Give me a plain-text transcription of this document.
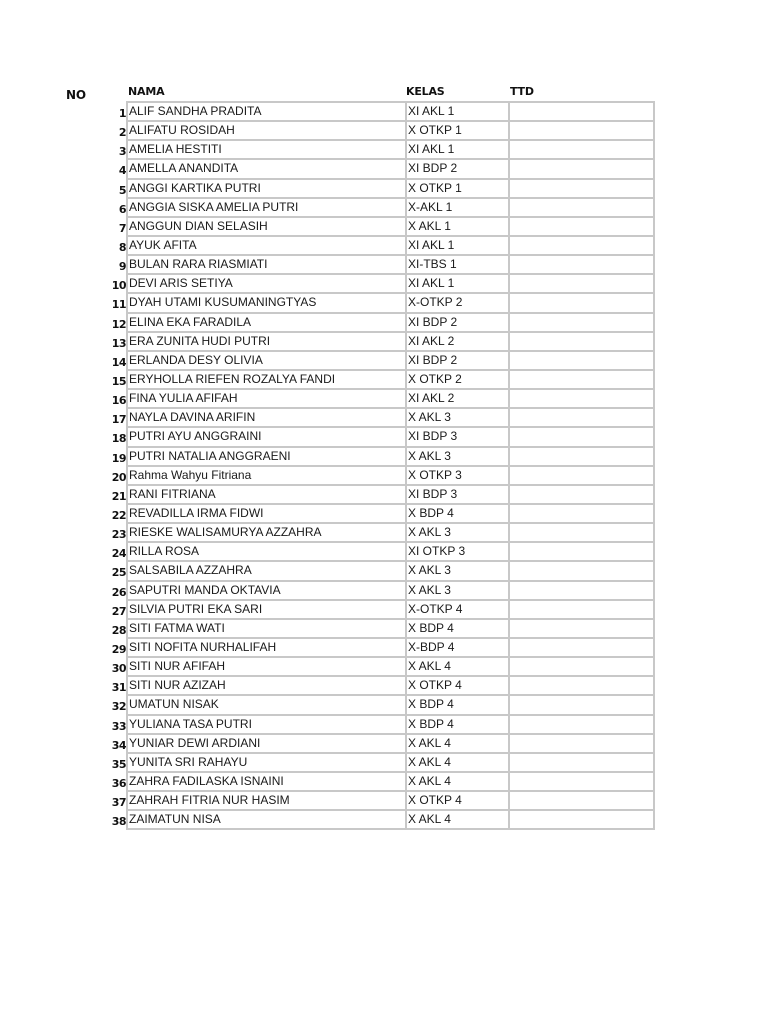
NO	NAMA	KELAS	TTD
1 ALIF SANDHA PRADITA	XI AKL 1
2 ALIFATU ROSIDAH	X OTKP 1
3 AMELIA HESTITI	XI AKL 1
4 AMELLA ANANDITA	XI BDP 2
5 ANGGI KARTIKA PUTRI	X OTKP 1
6 ANGGIA SISKA AMELIA PUTRI	X-AKL 1
7 ANGGUN DIAN SELASIH	X AKL 1
8 AYUK AFITA	XI AKL 1
9 BULAN RARA RIASMIATI	XI-TBS 1
10 DEVI ARIS SETIYA	XI AKL 1
11 DYAH UTAMI KUSUMANINGTYAS	X-OTKP 2
12 ELINA EKA FARADILA	XI BDP 2
13 ERA ZUNITA HUDI PUTRI	XI AKL 2
14 ERLANDA DESY OLIVIA	XI BDP 2
15 ERYHOLLA RIEFEN ROZALYA FANDI	X OTKP 2
16 FINA YULIA AFIFAH	XI AKL 2
17 NAYLA DAVINA ARIFIN	X AKL 3
18 PUTRI AYU ANGGRAINI	XI BDP 3
19 PUTRI NATALIA ANGGRAENI	X AKL 3
20 Rahma Wahyu Fitriana	X OTKP 3
21 RANI FITRIANA	XI BDP 3
22 REVADILLA IRMA FIDWI	X BDP 4
23 RIESKE WALISAMURYA AZZAHRA	X AKL 3
24 RILLA ROSA	XI OTKP 3
25 SALSABILA AZZAHRA	X AKL 3
26 SAPUTRI MANDA OKTAVIA	X AKL 3
27 SILVIA PUTRI EKA SARI	X-OTKP 4
28 SITI FATMA WATI	X BDP 4
29 SITI NOFITA NURHALIFAH	X-BDP 4
30 SITI NUR AFIFAH	X AKL 4
31 SITI NUR AZIZAH	X OTKP 4
32 UMATUN NISAK	X BDP 4
33 YULIANA TASA PUTRI	X BDP 4
34 YUNIAR DEWI ARDIANI	X AKL 4
35 YUNITA SRI RAHAYU	X AKL 4
36 ZAHRA FADILASKA ISNAINI	X AKL 4
37 ZAHRAH FITRIA NUR HASIM	X OTKP 4
38 ZAIMATUN NISA	X AKL 4
